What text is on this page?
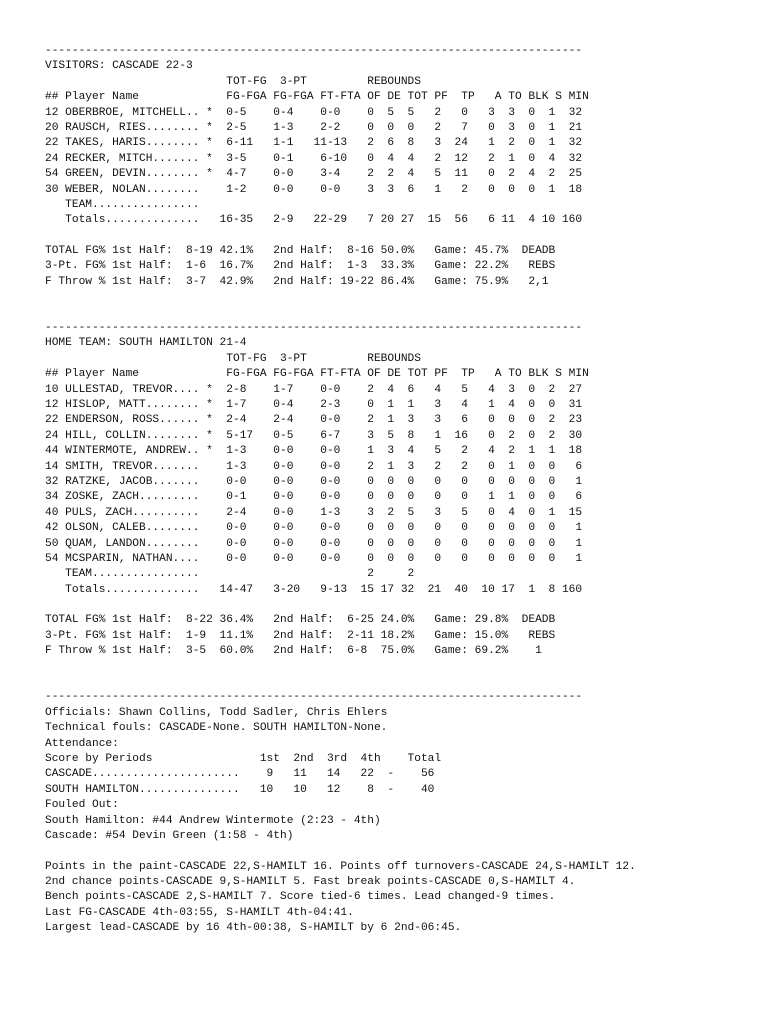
--------------------------------------------------------------------------------
VISITORS: CASCADE 22-3
TOT-FG  3-PT         REBOUNDS
## Player Name             FG-FGA FG-FGA FT-FTA OF DE TOT PF  TP   A TO BLK S MIN
12 OBERBROE, MITCHELL.. *  0-5    0-4    0-0    0  5  5   2   0   3  3  0  1  32
20 RAUSCH, RIES........ *  2-5    1-3    2-2    0  0  0   2   7   0  3  0  1  21
22 TAKES, HARIS........ *  6-11   1-1   11-13   2  6  8   3  24   1  2  0  1  32
24 RECKER, MITCH....... *  3-5    0-1    6-10   0  4  4   2  12   2  1  0  4  32
54 GREEN, DEVIN........ *  4-7    0-0    3-4    2  2  4   5  11   0  2  4  2  25
30 WEBER, NOLAN........    1-2    0-0    0-0    3  3  6   1   2   0  0  0  1  18
TEAM................
Totals..............   16-35   2-9   22-29   7 20 27  15  56   6 11  4 10 160
TOTAL FG% 1st Half:  8-19 42.1%   2nd Half:  8-16 50.0%   Game: 45.7%  DEADB
3-Pt. FG% 1st Half:  1-6  16.7%   2nd Half:  1-3  33.3%   Game: 22.2%   REBS
F Throw % 1st Half:  3-7  42.9%   2nd Half: 19-22 86.4%   Game: 75.9%   2,1
--------------------------------------------------------------------------------
HOME TEAM: SOUTH HAMILTON 21-4
TOT-FG  3-PT         REBOUNDS
## Player Name             FG-FGA FG-FGA FT-FTA OF DE TOT PF  TP   A TO BLK S MIN
10 ULLESTAD, TREVOR.... *  2-8    1-7    0-0    2  4  6   4   5   4  3  0  2  27
12 HISLOP, MATT........ *  1-7    0-4    2-3    0  1  1   3   4   1  4  0  0  31
22 ENDERSON, ROSS...... *  2-4    2-4    0-0    2  1  3   3   6   0  0  0  2  23
24 HILL, COLLIN........ *  5-17   0-5    6-7    3  5  8   1  16   0  2  0  2  30
44 WINTERMOTE, ANDREW.. *  1-3    0-0    0-0    1  3  4   5   2   4  2  1  1  18
14 SMITH, TREVOR.......    1-3    0-0    0-0    2  1  3   2   2   0  1  0  0   6
32 RATZKE, JACOB.......    0-0    0-0    0-0    0  0  0   0   0   0  0  0  0   1
34 ZOSKE, ZACH.........    0-1    0-0    0-0    0  0  0   0   0   1  1  0  0   6
40 PULS, ZACH..........    2-4    0-0    1-3    3  2  5   3   5   0  4  0  1  15
42 OLSON, CALEB........    0-0    0-0    0-0    0  0  0   0   0   0  0  0  0   1
50 QUAM, LANDON........    0-0    0-0    0-0    0  0  0   0   0   0  0  0  0   1
54 MCSPARIN, NATHAN....    0-0    0-0    0-0    0  0  0   0   0   0  0  0  0   1
TEAM................                         2     2
Totals..............   14-47   3-20   9-13  15 17 32  21  40  10 17  1  8 160
TOTAL FG% 1st Half:  8-22 36.4%   2nd Half:  6-25 24.0%   Game: 29.8%  DEADB
3-Pt. FG% 1st Half:  1-9  11.1%   2nd Half:  2-11 18.2%   Game: 15.0%   REBS
F Throw % 1st Half:  3-5  60.0%   2nd Half:  6-8  75.0%   Game: 69.2%    1
--------------------------------------------------------------------------------
Officials: Shawn Collins, Todd Sadler, Chris Ehlers
Technical fouls: CASCADE-None. SOUTH HAMILTON-None.
Attendance:
Score by Periods                1st  2nd  3rd  4th    Total
CASCADE......................    9   11   14   22  -    56
SOUTH HAMILTON...............   10   10   12    8  -    40
Fouled Out:
South Hamilton: #44 Andrew Wintermote (2:23 - 4th)
Cascade: #54 Devin Green (1:58 - 4th)
Points in the paint-CASCADE 22,S-HAMILT 16. Points off turnovers-CASCADE 24,S-HAMILT 12.
2nd chance points-CASCADE 9,S-HAMILT 5. Fast break points-CASCADE 0,S-HAMILT 4.
Bench points-CASCADE 2,S-HAMILT 7. Score tied-6 times. Lead changed-9 times.
Last FG-CASCADE 4th-03:55, S-HAMILT 4th-04:41.
Largest lead-CASCADE by 16 4th-00:38, S-HAMILT by 6 2nd-06:45.
